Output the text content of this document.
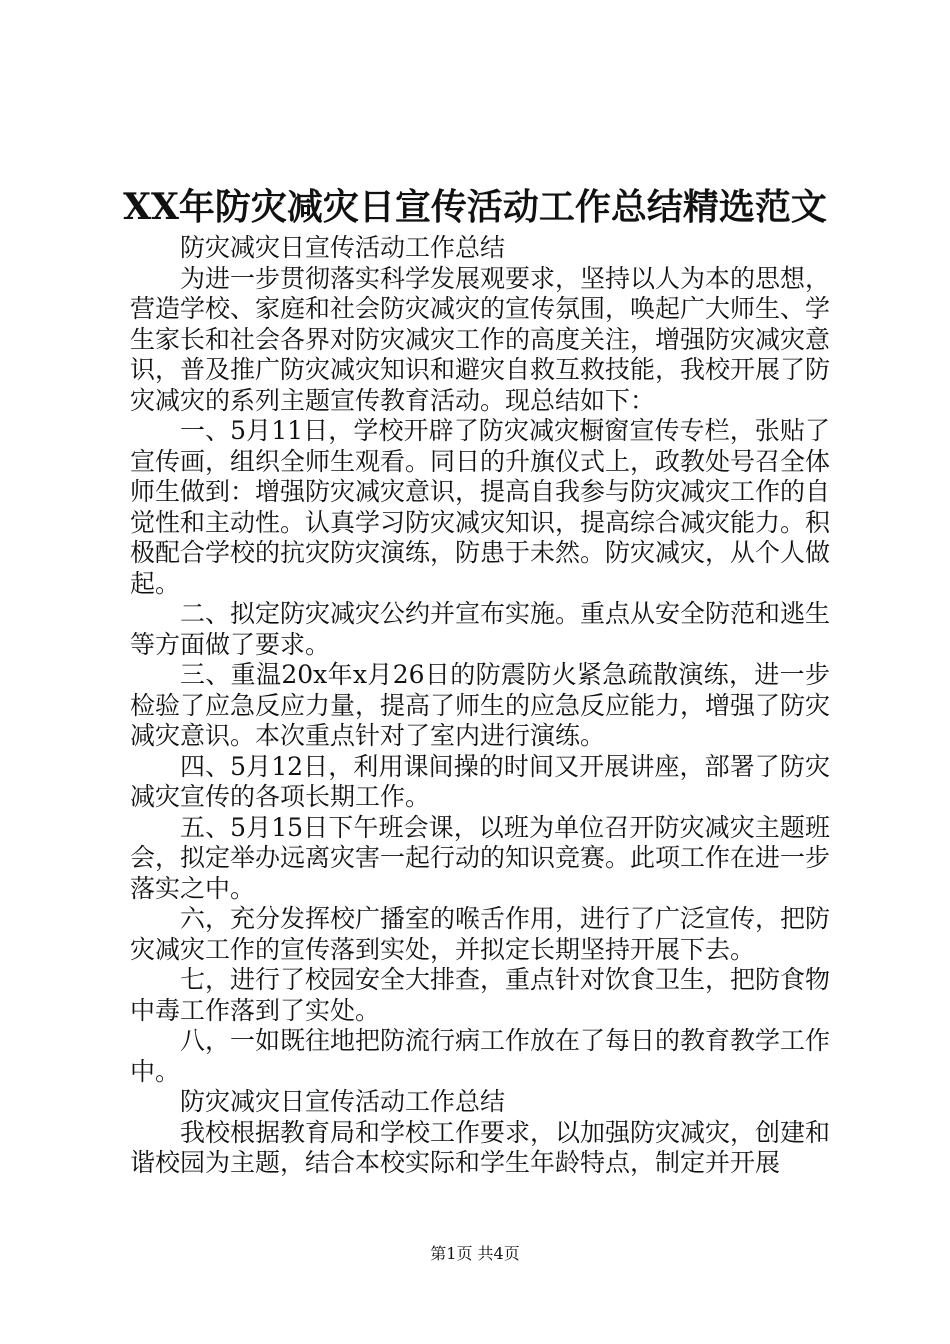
XX年防灾减灾日宣传活动工作总结精选范文

防灾减灾日宣传活动工作总结

为进一步贯彻落实科学发展观要求，坚持以人为本的思想，营造学校、家庭和社会防灾减灾的宣传氛围，唤起广大师生、学生家长和社会各界对防灾减灾工作的高度关注，增强防灾减灾意识，普及推广防灾减灾知识和避灾自救互救技能，我校开展了防灾减灾的系列主题宣传教育活动。现总结如下：

一、5月11日，学校开辟了防灾减灾橱窗宣传专栏，张贴了宣传画，组织全师生观看。同日的升旗仪式上，政教处号召全体师生做到：增强防灾减灾意识，提高自我参与防灾减灾工作的自觉性和主动性。认真学习防灾减灾知识，提高综合减灾能力。积极配合学校的抗灾防灾演练，防患于未然。防灾减灾，从个人做起。

二、拟定防灾减灾公约并宣布实施。重点从安全防范和逃生等方面做了要求。

三、重温20x年x月26日的防震防火紧急疏散演练，进一步检验了应急反应力量，提高了师生的应急反应能力，增强了防灾减灾意识。本次重点针对了室内进行演练。

四、5月12日，利用课间操的时间又开展讲座，部署了防灾减灾宣传的各项长期工作。

五、5月15日下午班会课，以班为单位召开防灾减灾主题班会，拟定举办远离灾害一起行动的知识竞赛。此项工作在进一步落实之中。

六，充分发挥校广播室的喉舌作用，进行了广泛宣传，把防灾减灾工作的宣传落到实处，并拟定长期坚持开展下去。

七，进行了校园安全大排查，重点针对饮食卫生，把防食物中毒工作落到了实处。

八，一如既往地把防流行病工作放在了每日的教育教学工作中。

防灾减灾日宣传活动工作总结

我校根据教育局和学校工作要求，以加强防灾减灾，创建和谐校园为主题，结合本校实际和学生年龄特点，制定并开展

第1页 共4页
